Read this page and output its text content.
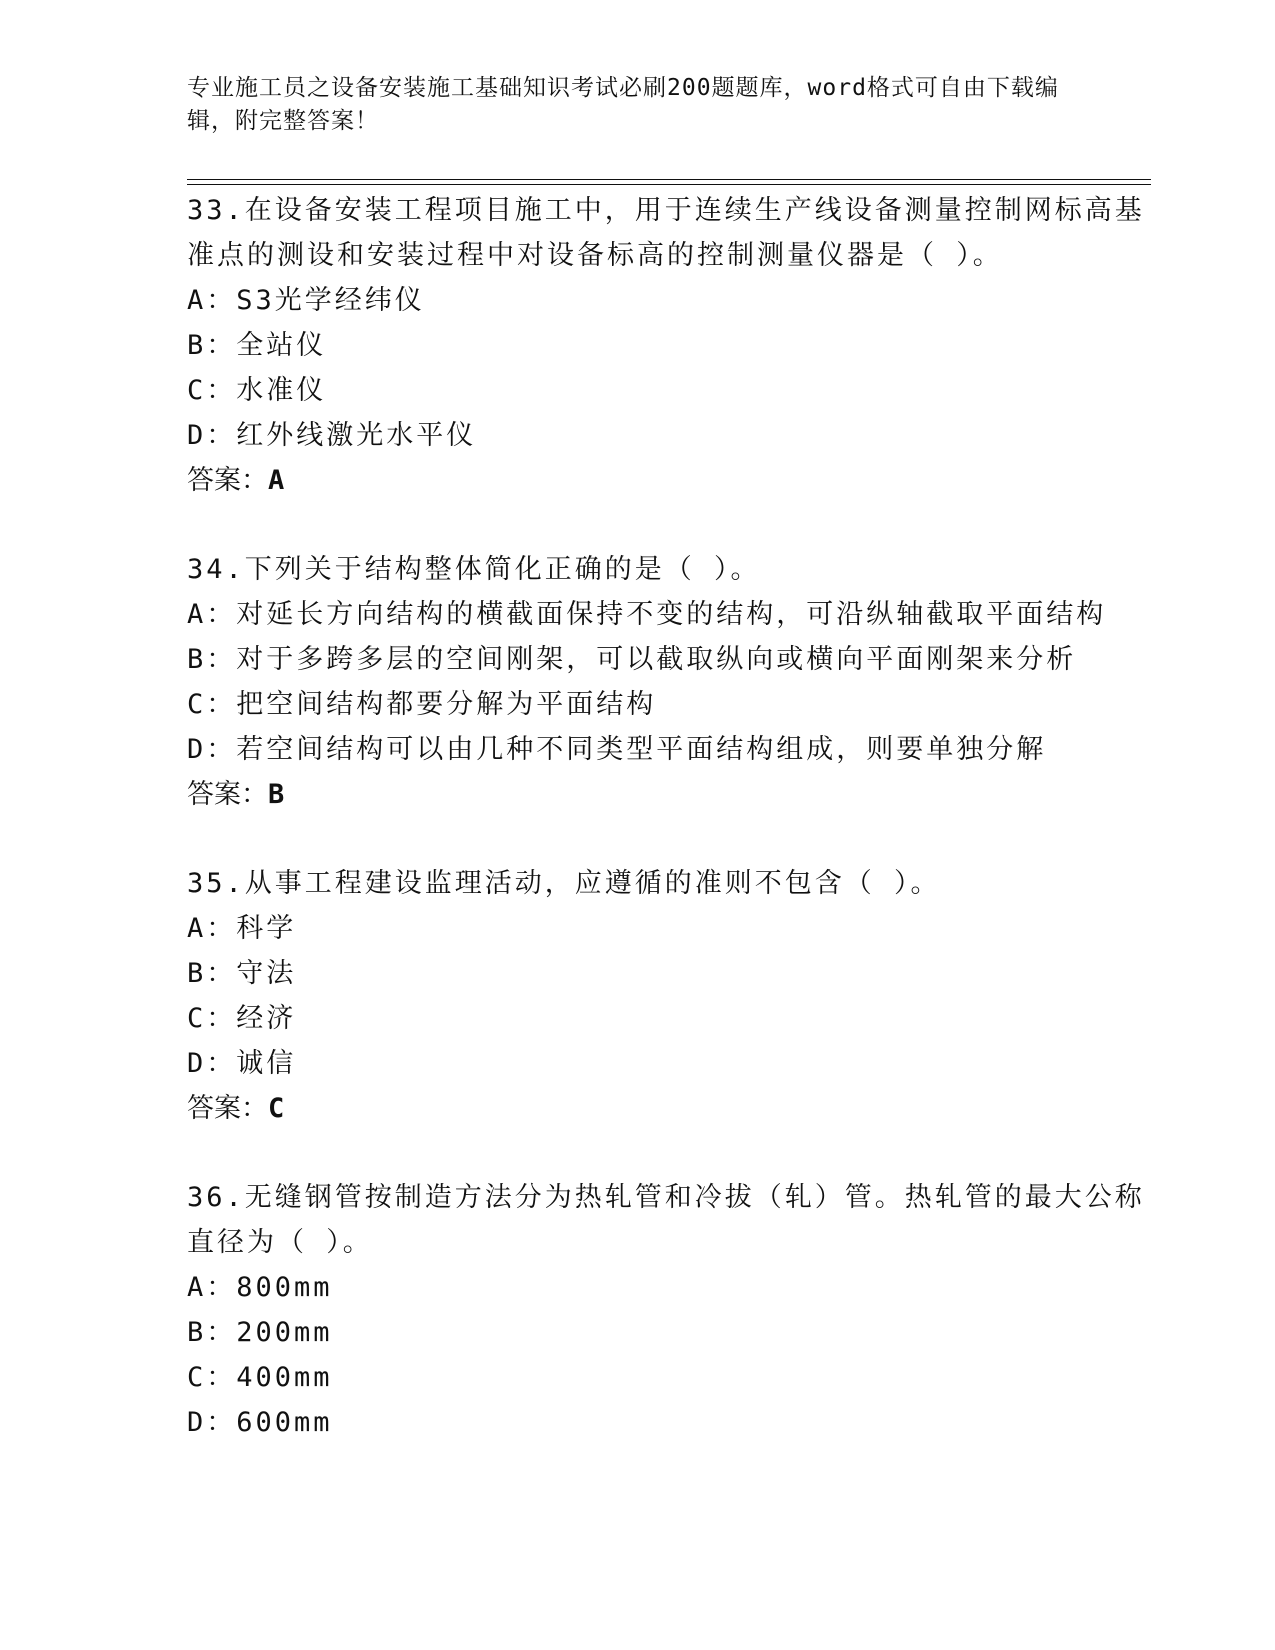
专业施工员之设备安装施工基础知识考试必刷200题题库，word格式可自由下载编辑，附完整答案！

33.在设备安装工程项目施工中，用于连续生产线设备测量控制网标高基准点的测设和安装过程中对设备标高的控制测量仪器是（ ）。

A：S3光学经纬仪

B：全站仪

C：水准仪

D：红外线激光水平仪

答案：A

34.下列关于结构整体简化正确的是（ ）。

A：对延长方向结构的横截面保持不变的结构，可沿纵轴截取平面结构

B：对于多跨多层的空间刚架，可以截取纵向或横向平面刚架来分析

C：把空间结构都要分解为平面结构

D：若空间结构可以由几种不同类型平面结构组成，则要单独分解

答案：B

35.从事工程建设监理活动，应遵循的准则不包含（ ）。

A：科学

B：守法

C：经济

D：诚信

答案：C

36.无缝钢管按制造方法分为热轧管和冷拔（轧）管。热轧管的最大公称直径为（ ）。

A：800mm

B：200mm

C：400mm

D：600mm
